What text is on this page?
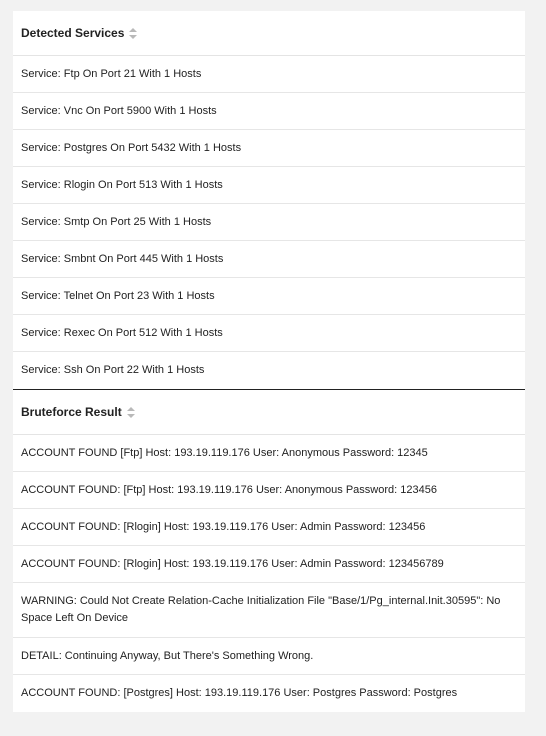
Detected Services
Service: Ftp On Port 21 With 1 Hosts
Service: Vnc On Port 5900 With 1 Hosts
Service: Postgres On Port 5432 With 1 Hosts
Service: Rlogin On Port 513 With 1 Hosts
Service: Smtp On Port 25 With 1 Hosts
Service: Smbnt On Port 445 With 1 Hosts
Service: Telnet On Port 23 With 1 Hosts
Service: Rexec On Port 512 With 1 Hosts
Service: Ssh On Port 22 With 1 Hosts
Bruteforce Result
ACCOUNT FOUND [Ftp] Host: 193.19.119.176 User: Anonymous Password: 12345
ACCOUNT FOUND: [Ftp] Host: 193.19.119.176 User: Anonymous Password: 123456
ACCOUNT FOUND: [Rlogin] Host: 193.19.119.176 User: Admin Password: 123456
ACCOUNT FOUND: [Rlogin] Host: 193.19.119.176 User: Admin Password: 123456789
WARNING: Could Not Create Relation-Cache Initialization File "Base/1/Pg_internal.Init.30595": No Space Left On Device
DETAIL: Continuing Anyway, But There's Something Wrong.
ACCOUNT FOUND: [Postgres] Host: 193.19.119.176 User: Postgres Password: Postgres
